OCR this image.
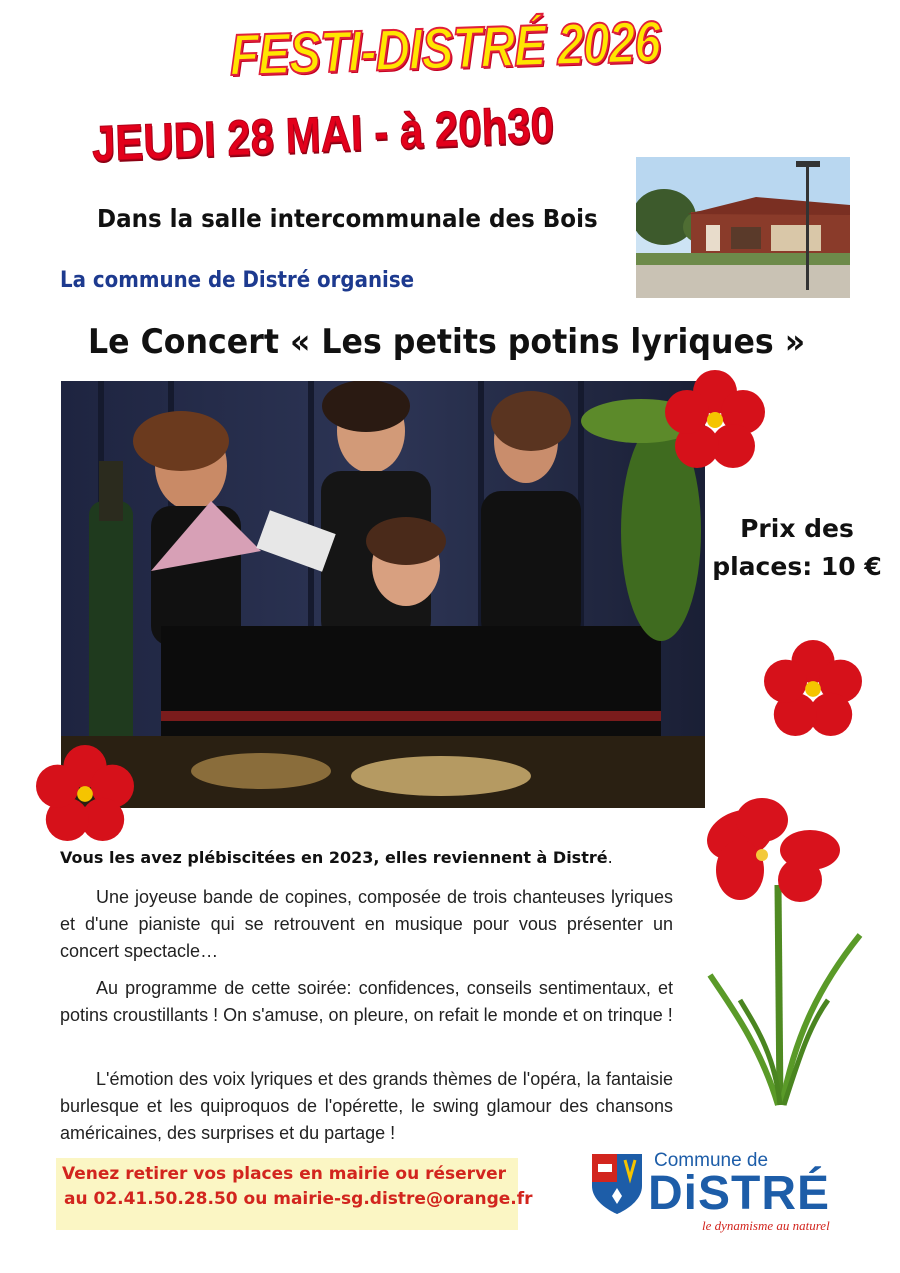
FESTI-DISTRÉ 2026
JEUDI 28 MAI - à 20h30
Dans la salle intercommunale des Bois
La commune de Distré organise
Le Concert « Les petits potins lyriques »
Prix des
places: 10 €
Vous les avez plébiscitées en 2023, elles reviennent à Distré.

Une joyeuse bande de copines, composée de trois chanteuses lyriques et d'une pianiste qui se retrouvent en musique pour vous présenter un concert spectacle…

Au programme de cette soirée: confidences, conseils sentimentaux, et potins croustillants ! On s'amuse, on pleure, on refait le monde et on trinque !

L'émotion des voix lyriques et des grands thèmes de l'opéra, la fantaisie burlesque et les quiproquos de l'opérette, le swing glamour des chansons américaines, des surprises et du partage !

Venez retirer vos places en mairie ou réserver
au 02.41.50.28.50 ou mairie-sg.distre@orange.fr
Commune de
DiSTRÉ
le dynamisme au naturel
